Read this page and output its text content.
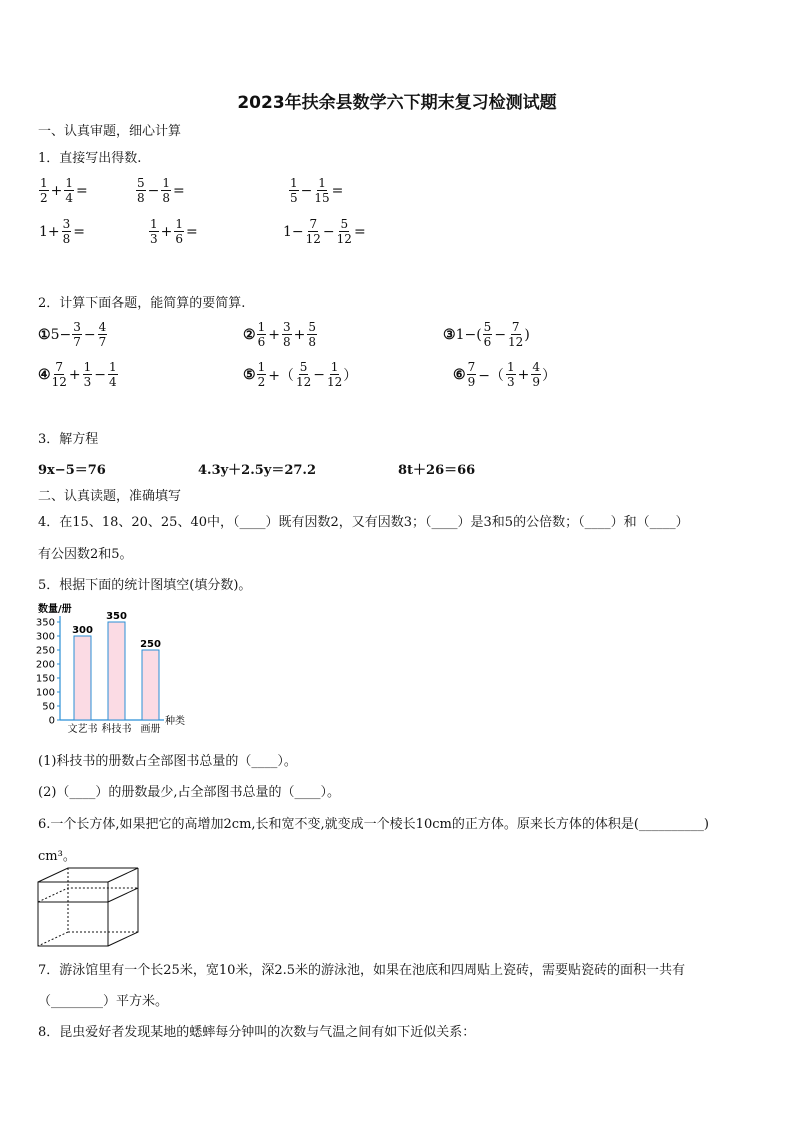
2023年扶余县数学六下期末复习检测试题
一、认真审题，细心计算
1．直接写出得数.
$\frac{1}{2} + \frac{1}{4}$ =	$\frac{5}{8} - \frac{1}{8}$ =	$\frac{1}{5} - \frac{1}{15}$ =
$1+ \frac{3}{8}$ =	$\frac{1}{3} + \frac{1}{6}$ =	$1- \frac{7}{12} - \frac{5}{12}$ =
2．计算下面各题，能简算的要简算.
① $5- \frac{3}{7} - \frac{4}{7}$	② $\frac{1}{6} + \frac{3}{8} + \frac{5}{8}$	③ $1-( \frac{5}{6} - \frac{7}{12}$ )
④ $\frac{7}{12} + \frac{1}{3} - \frac{1}{4}$	⑤ $\frac{1}{2}$ +（ $\frac{5}{12} - \frac{1}{12}$ ）	⑥ $\frac{7}{9}$ −（ $\frac{1}{3} + \frac{4}{9}$ ）
3．解方程
9x−5＝76	4.3y＋2.5y＝27.2	8t＋26＝66
二、认真读题，准确填写
4．在15、18、20、25、40中，（____）既有因数2，又有因数3；（____）是3和5的公倍数；（____）和（____）
有公因数2和5。
5．根据下面的统计图填空(填分数)。
数量/册
种类
350
300
250
200
150
100
50
0
300
文艺书
350
科技书
250
画册
(1)科技书的册数占全部图书总量的（____）。
(2)（____）的册数最少,占全部图书总量的（____）。
6.一个长方体,如果把它的高增加2cm,长和宽不变,就变成一个棱长10cm的正方体。原来长方体的体积是(__________)
cm³。
7．游泳馆里有一个长25米，宽10米，深2.5米的游泳池，如果在池底和四周贴上瓷砖，需要贴瓷砖的面积一共有
（________）平方米。
8．昆虫爱好者发现某地的蟋蟀每分钟叫的次数与气温之间有如下近似关系：
